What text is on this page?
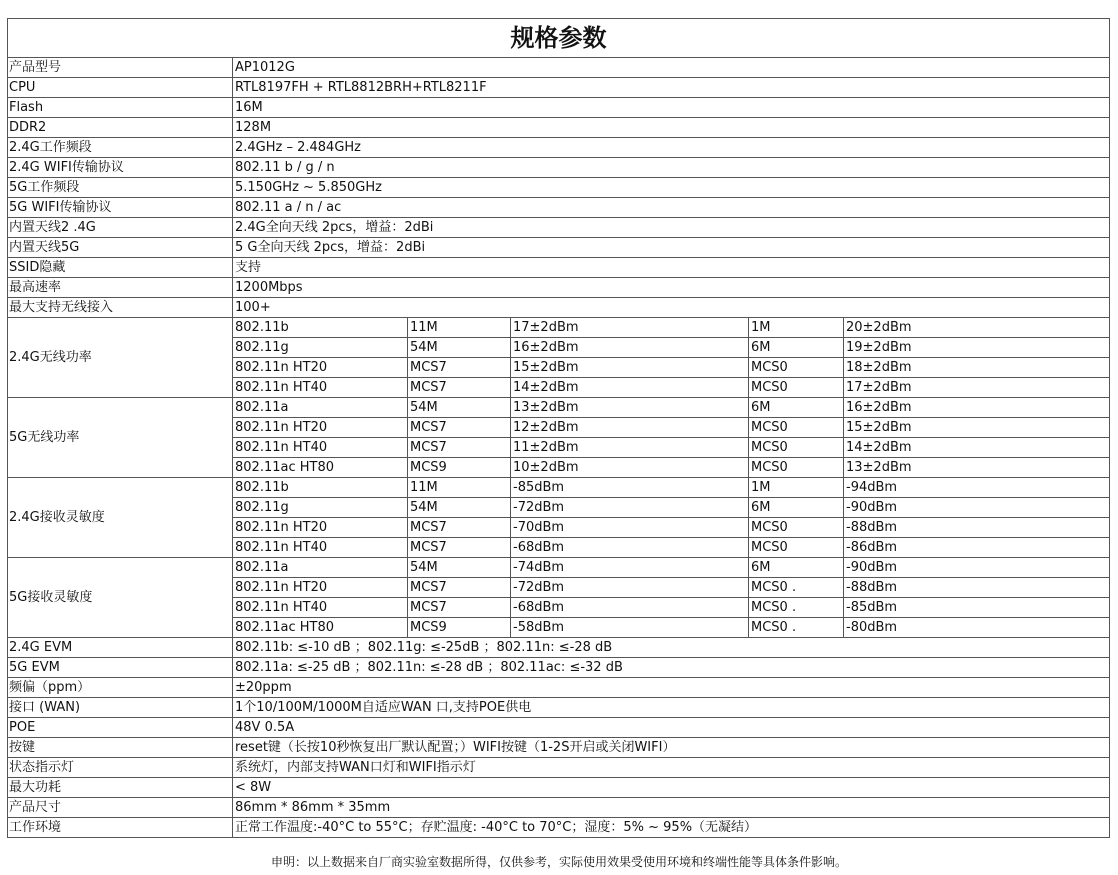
规格参数					
产品型号	AP1012G				
CPU	RTL8197FH + RTL8812BRH+RTL8211F				
Flash	16M				
DDR2	128M				
2.4G工作频段	2.4GHz – 2.484GHz				
2.4G WIFI传输协议	802.11 b / g / n				
5G工作频段	5.150GHz ~ 5.850GHz				
5G WIFI传输协议	802.11 a / n / ac				
内置天线2 .4G	2.4G全向天线 2pcs，增益：2dBi				
内置天线5G	5 G全向天线 2pcs，增益：2dBi				
SSID隐藏	支持				
最高速率	1200Mbps				
最大支持无线接入	100+				
2.4G无线功率	802.11b	11M	17±2dBm	1M	20±2dBm
	802.11g	54M	16±2dBm	6M	19±2dBm
	802.11n HT20	MCS7	15±2dBm	MCS0	18±2dBm
	802.11n HT40	MCS7	14±2dBm	MCS0	17±2dBm
5G无线功率	802.11a	54M	13±2dBm	6M	16±2dBm
	802.11n HT20	MCS7	12±2dBm	MCS0	15±2dBm
	802.11n HT40	MCS7	11±2dBm	MCS0	14±2dBm
	802.11ac HT80	MCS9	10±2dBm	MCS0	13±2dBm
2.4G接收灵敏度	802.11b	11M	-85dBm	1M	-94dBm
	802.11g	54M	-72dBm	6M	-90dBm
	802.11n HT20	MCS7	-70dBm	MCS0	-88dBm
	802.11n HT40	MCS7	-68dBm	MCS0	-86dBm
5G接收灵敏度	802.11a	54M	-74dBm	6M	-90dBm
	802.11n HT20	MCS7	-72dBm	MCS0 .	-88dBm
	802.11n HT40	MCS7	-68dBm	MCS0 .	-85dBm
	802.11ac HT80	MCS9	-58dBm	MCS0 .	-80dBm
2.4G EVM	802.11b: ≤-10 dB ；802.11g: ≤-25dB ；802.11n: ≤-28 dB				
5G EVM	802.11a: ≤-25 dB ；802.11n: ≤-28 dB ；802.11ac: ≤-32 dB				
频偏（ppm）	±20ppm				
接口 (WAN)	1个10/100M/1000M自适应WAN 口,支持POE供电				
POE	48V 0.5A				
按键	reset键（长按10秒恢复出厂默认配置；）WIFI按键（1-2S开启或关闭WIFI）				
状态指示灯	系统灯，内部支持WAN口灯和WIFI指示灯				
最大功耗	< 8W				
产品尺寸	86mm * 86mm * 35mm				
工作环境	正常工作温度:-40°C to 55°C；存贮温度: -40°C to 70°C；湿度：5% ~ 95%（无凝结）				
申明：以上数据来自厂商实验室数据所得，仅供参考，实际使用效果受使用环境和终端性能等具体条件影响。
